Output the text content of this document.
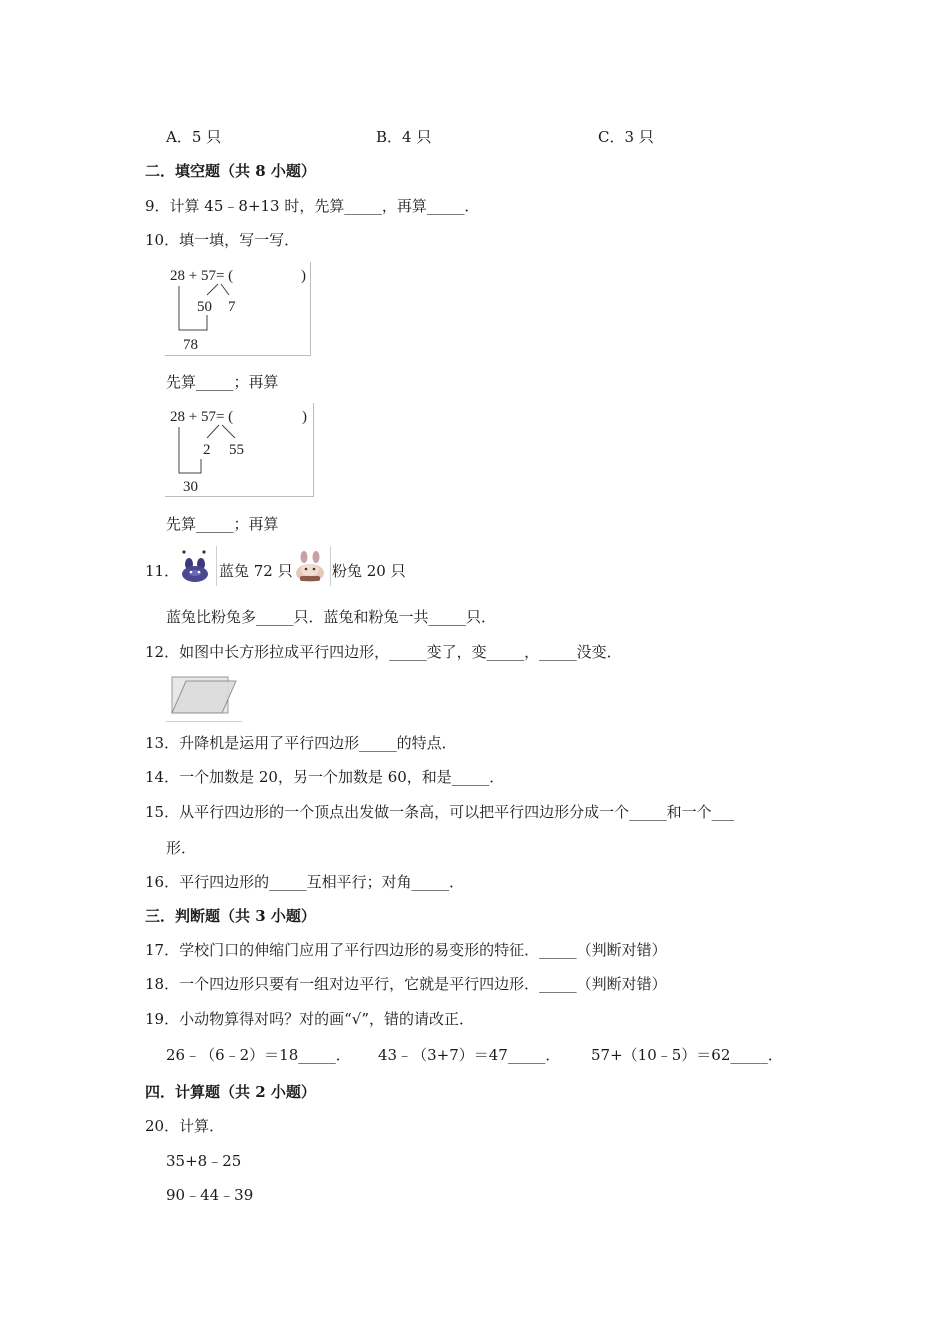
A．5 只	B．4 只	C．3 只
二．填空题（共 8 小题）
9．计算 45﹣8+13 时，先算_____，再算_____．
10．填一填，写一写．
28 + 57= (	)
50 7
78
先算_____；再算
28 + 57= (	)
2 55
30
先算_____；再算
11．	蓝兔 72 只	粉兔 20 只
蓝兔比粉兔多_____只．蓝兔和粉兔一共_____只．
12．如图中长方形拉成平行四边形，_____变了，变_____，_____没变．
13．升降机是运用了平行四边形_____的特点．
14．一个加数是 20，另一个加数是 60，和是_____．
15．从平行四边形的一个顶点出发做一条高，可以把平行四边形分成一个_____和一个___
形．
16．平行四边形的_____互相平行；对角_____．
三．判断题（共 3 小题）
17．学校门口的伸缩门应用了平行四边形的易变形的特征．_____（判断对错）
18．一个四边形只要有一组对边平行，它就是平行四边形．_____（判断对错）
19．小动物算得对吗？对的画“√”，错的请改正．
26﹣（6﹣2）＝18_____． 43﹣（3+7）＝47_____． 57+（10﹣5）＝62_____．
四．计算题（共 2 小题）
20．计算．
35+8﹣25
90﹣44﹣39
